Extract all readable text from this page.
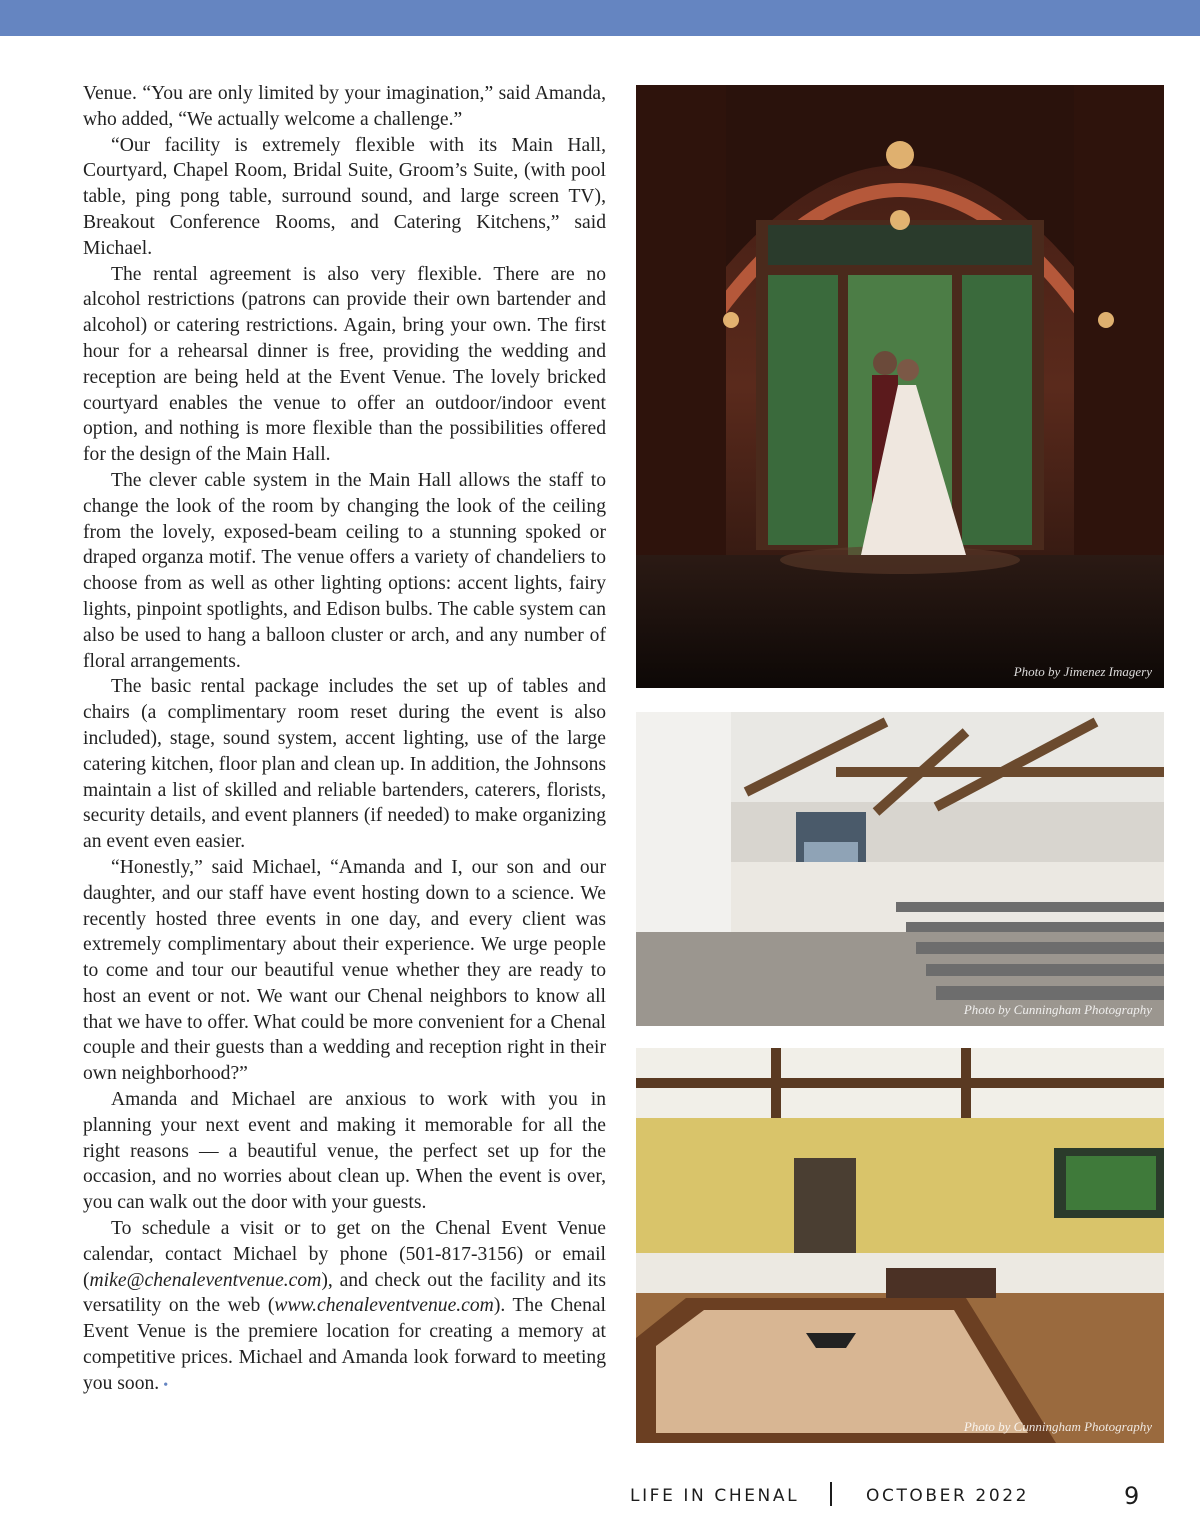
Venue. “You are only limited by your imagination,” said Amanda, who added, “We actually welcome a challenge.”

“Our facility is extremely flexible with its Main Hall, Courtyard, Chapel Room, Bridal Suite, Groom’s Suite, (with pool table, ping pong table, surround sound, and large screen TV), Breakout Conference Rooms, and Catering Kitchens,” said Michael.

The rental agreement is also very flexible. There are no alcohol restrictions (patrons can provide their own bartender and alcohol) or catering restrictions. Again, bring your own. The first hour for a rehearsal dinner is free, providing the wedding and reception are being held at the Event Venue. The lovely bricked courtyard enables the venue to offer an outdoor/indoor event option, and nothing is more flexible than the possibilities offered for the design of the Main Hall.

The clever cable system in the Main Hall allows the staff to change the look of the room by changing the look of the ceiling from the lovely, exposed-beam ceiling to a stunning spoked or draped organza motif. The venue offers a variety of chandeliers to choose from as well as other lighting options: accent lights, fairy lights, pinpoint spotlights, and Edison bulbs. The cable system can also be used to hang a balloon cluster or arch, and any number of floral arrangements.

The basic rental package includes the set up of tables and chairs (a complimentary room reset during the event is also included), stage, sound system, accent lighting, use of the large catering kitchen, floor plan and clean up. In addition, the Johnsons maintain a list of skilled and reliable bartenders, caterers, florists, security details, and event planners (if needed) to make organizing an event even easier.

“Honestly,” said Michael, “Amanda and I, our son and our daughter, and our staff have event hosting down to a science. We recently hosted three events in one day, and every client was extremely complimentary about their experience. We urge people to come and tour our beautiful venue whether they are ready to host an event or not. We want our Chenal neighbors to know all that we have to offer. What could be more convenient for a Chenal couple and their guests than a wedding and reception right in their own neighborhood?”

Amanda and Michael are anxious to work with you in planning your next event and making it memorable for all the right reasons — a beautiful venue, the perfect set up for the occasion, and no worries about clean up. When the event is over, you can walk out the door with your guests.

To schedule a visit or to get on the Chenal Event Venue calendar, contact Michael by phone (501-817-3156) or email (mike@chenaleventvenue.com), and check out the facility and its versatility on the web (www.chenaleventvenue.com). The Chenal Event Venue is the premiere location for creating a memory at competitive prices. Michael and Amanda look forward to meeting you soon. •

Photo by Jimenez Imagery
Photo by Cunningham Photography
Photo by Cunningham Photography
LIFE IN CHENAL	OCTOBER 2022	9
